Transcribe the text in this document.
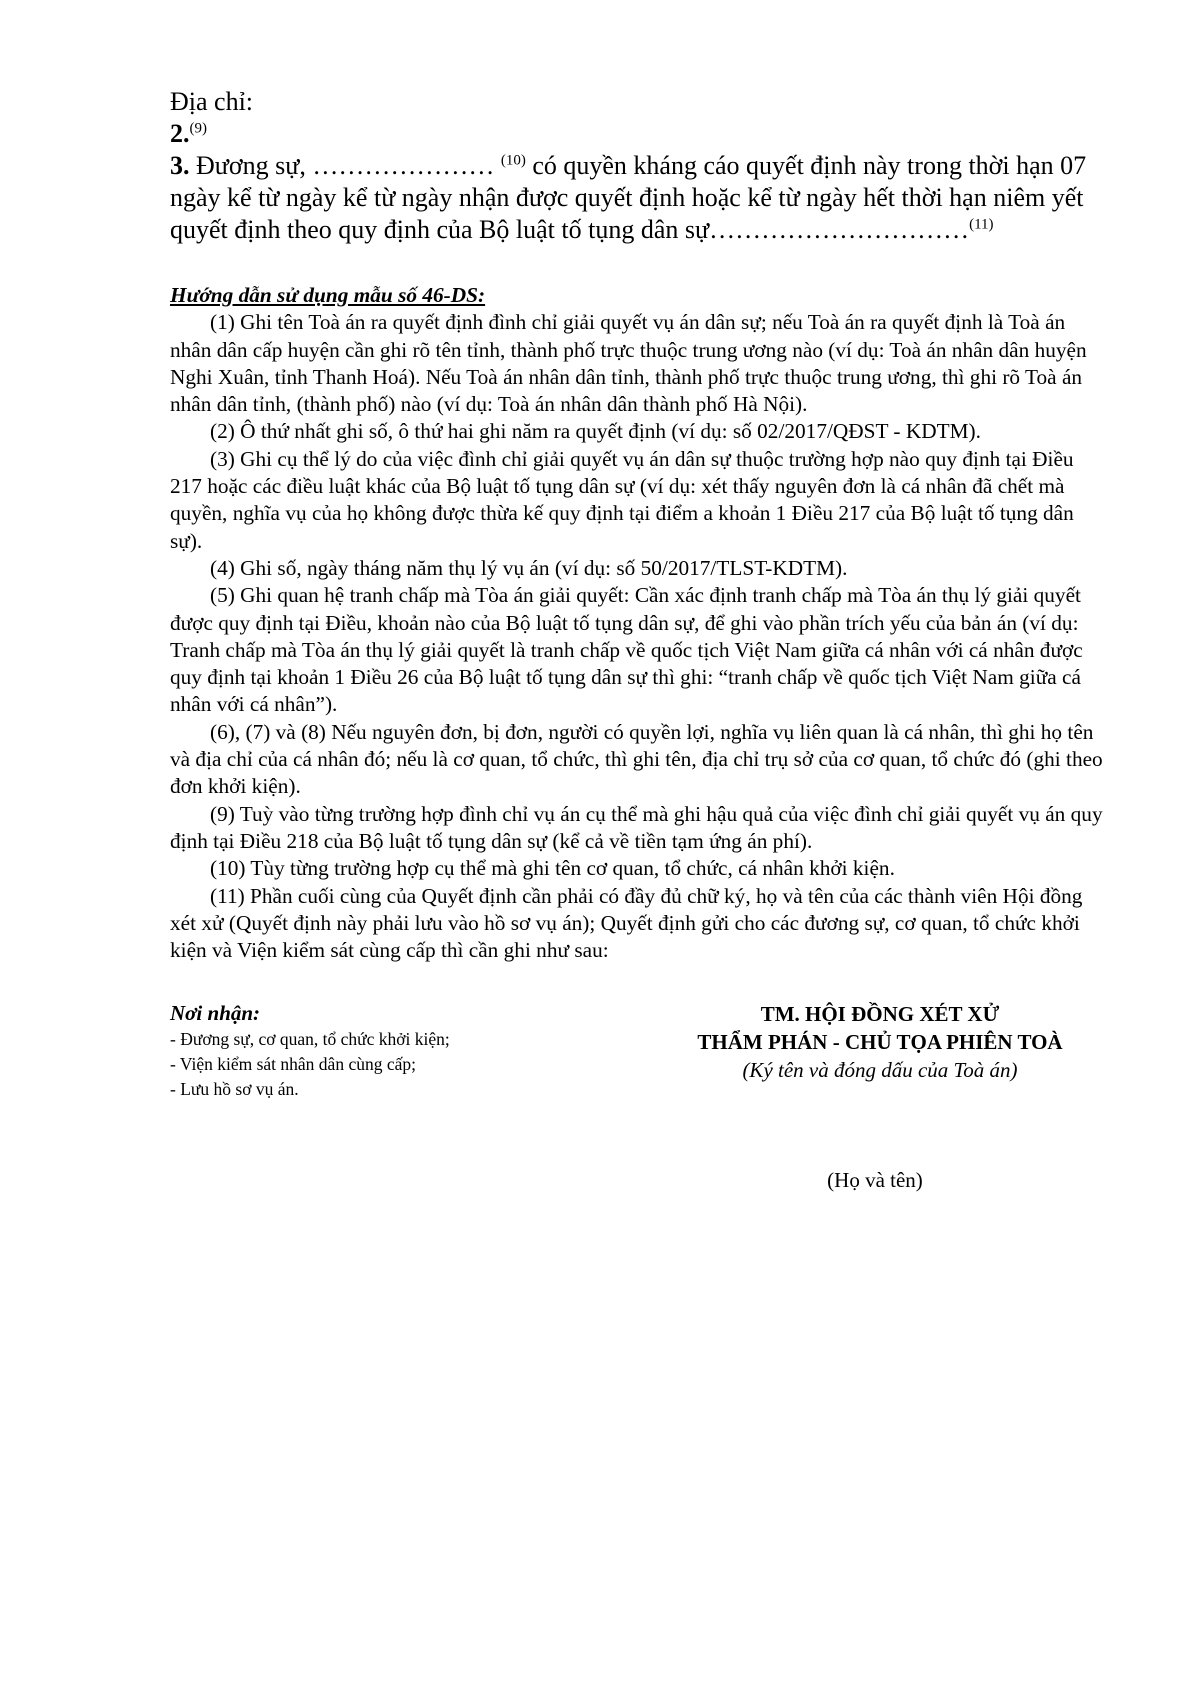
Địa chỉ:

2.$^{(9)}$

3. Đương sự, ………………… $^{(10)}$ có quyền kháng cáo quyết định này trong thời hạn 07 ngày kể từ ngày kể từ ngày nhận được quyết định hoặc kể từ ngày hết thời hạn niêm yết quyết định theo quy định của Bộ luật tố tụng dân sự…………………………$^{(11)}$

Hướng dẫn sử dụng mẫu số 46-DS:

(1) Ghi tên Toà án ra quyết định đình chỉ giải quyết vụ án dân sự; nếu Toà án ra quyết định là Toà án nhân dân cấp huyện cần ghi rõ tên tỉnh, thành phố trực thuộc trung ương nào (ví dụ: Toà án nhân dân huyện Nghi Xuân, tỉnh Thanh Hoá). Nếu Toà án nhân dân tỉnh, thành phố trực thuộc trung ương, thì ghi rõ Toà án nhân dân tỉnh, (thành phố) nào (ví dụ: Toà án nhân dân thành phố Hà Nội).

(2) Ô thứ nhất ghi số, ô thứ hai ghi năm ra quyết định (ví dụ: số 02/2017/QĐST - KDTM).

(3) Ghi cụ thể lý do của việc đình chỉ giải quyết vụ án dân sự thuộc trường hợp nào quy định tại Điều 217 hoặc các điều luật khác của Bộ luật tố tụng dân sự (ví dụ: xét thấy nguyên đơn là cá nhân đã chết mà quyền, nghĩa vụ của họ không được thừa kế quy định tại điểm a khoản 1 Điều 217 của Bộ luật tố tụng dân sự).

(4) Ghi số, ngày tháng năm thụ lý vụ án (ví dụ: số 50/2017/TLST-KDTM).

(5) Ghi quan hệ tranh chấp mà Tòa án giải quyết: Cần xác định tranh chấp mà Tòa án thụ lý giải quyết được quy định tại Điều, khoản nào của Bộ luật tố tụng dân sự, để ghi vào phần trích yếu của bản án (ví dụ: Tranh chấp mà Tòa án thụ lý giải quyết là tranh chấp về quốc tịch Việt Nam giữa cá nhân với cá nhân được quy định tại khoản 1 Điều 26 của Bộ luật tố tụng dân sự thì ghi: “tranh chấp về quốc tịch Việt Nam giữa cá nhân với cá nhân”).

(6), (7) và (8) Nếu nguyên đơn, bị đơn, người có quyền lợi, nghĩa vụ liên quan là cá nhân, thì ghi họ tên và địa chỉ của cá nhân đó; nếu là cơ quan, tổ chức, thì ghi tên, địa chỉ trụ sở của cơ quan, tổ chức đó (ghi theo đơn khởi kiện).

(9) Tuỳ vào từng trường hợp đình chỉ vụ án cụ thể mà ghi hậu quả của việc đình chỉ giải quyết vụ án quy định tại Điều 218 của Bộ luật tố tụng dân sự (kể cả về tiền tạm ứng án phí).

(10) Tùy từng trường hợp cụ thể mà ghi tên cơ quan, tổ chức, cá nhân khởi kiện.

(11) Phần cuối cùng của Quyết định cần phải có đầy đủ chữ ký, họ và tên của các thành viên Hội đồng xét xử (Quyết định này phải lưu vào hồ sơ vụ án); Quyết định gửi cho các đương sự, cơ quan, tổ chức khởi kiện và Viện kiểm sát cùng cấp thì cần ghi như sau:

Nơi nhận:
- Đương sự, cơ quan, tổ chức khởi kiện;
- Viện kiểm sát nhân dân cùng cấp;
- Lưu hồ sơ vụ án.
TM. HỘI ĐỒNG XÉT XỬ
THẨM PHÁN - CHỦ TỌA PHIÊN TOÀ
(Ký tên và đóng dấu của Toà án)
(Họ và tên)
